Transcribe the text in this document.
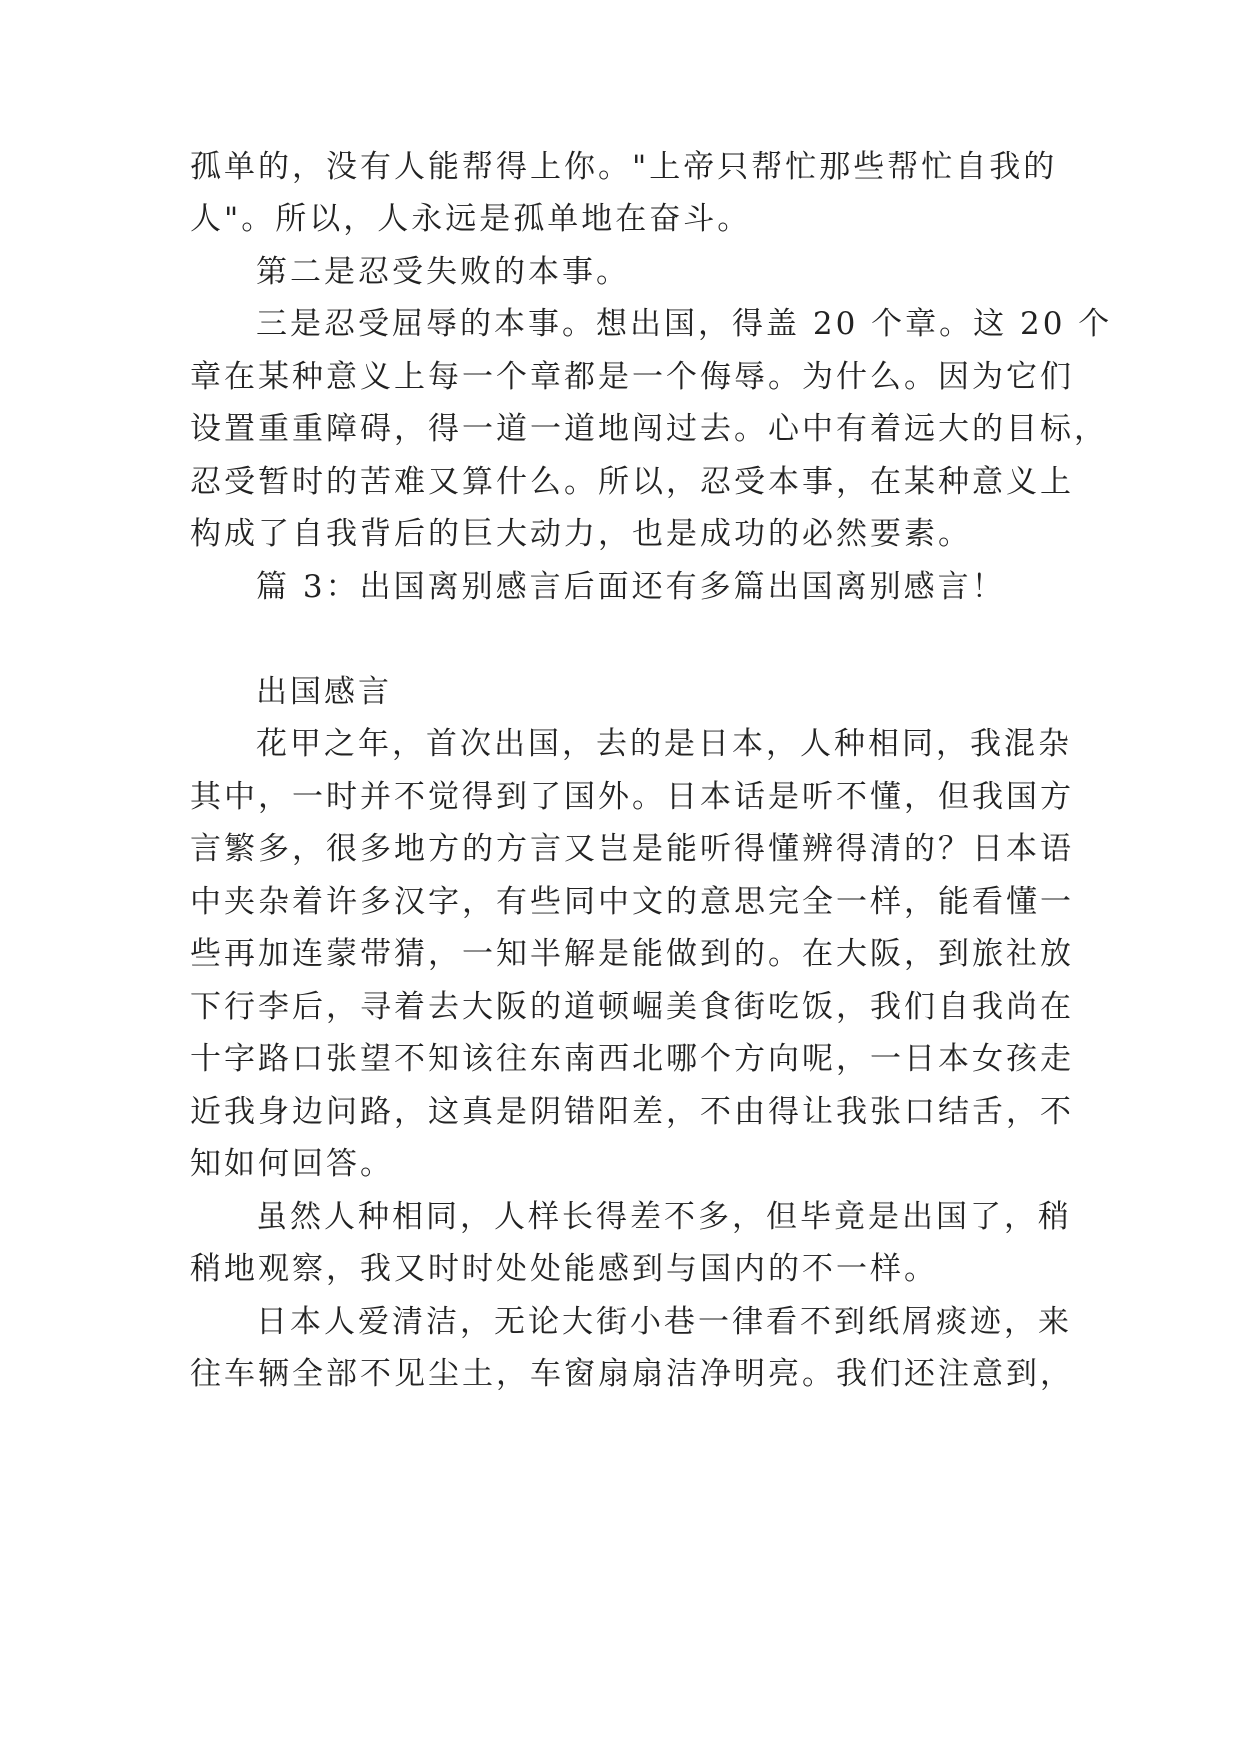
孤单的，没有人能帮得上你。"上帝只帮忙那些帮忙自我的
人"。所以，人永远是孤单地在奋斗。
第二是忍受失败的本事。
三是忍受屈辱的本事。想出国，得盖 20 个章。这 20 个
章在某种意义上每一个章都是一个侮辱。为什么。因为它们
设置重重障碍，得一道一道地闯过去。心中有着远大的目标，
忍受暂时的苦难又算什么。所以，忍受本事，在某种意义上
构成了自我背后的巨大动力，也是成功的必然要素。
篇 3：出国离别感言后面还有多篇出国离别感言！
出国感言
花甲之年，首次出国，去的是日本，人种相同，我混杂
其中，一时并不觉得到了国外。日本话是听不懂，但我国方
言繁多，很多地方的方言又岂是能听得懂辨得清的？日本语
中夹杂着许多汉字，有些同中文的意思完全一样，能看懂一
些再加连蒙带猜，一知半解是能做到的。在大阪，到旅社放
下行李后，寻着去大阪的道顿崛美食街吃饭，我们自我尚在
十字路口张望不知该往东南西北哪个方向呢，一日本女孩走
近我身边问路，这真是阴错阳差，不由得让我张口结舌，不
知如何回答。
虽然人种相同，人样长得差不多，但毕竟是出国了，稍
稍地观察，我又时时处处能感到与国内的不一样。
日本人爱清洁，无论大街小巷一律看不到纸屑痰迹，来
往车辆全部不见尘土，车窗扇扇洁净明亮。我们还注意到，
